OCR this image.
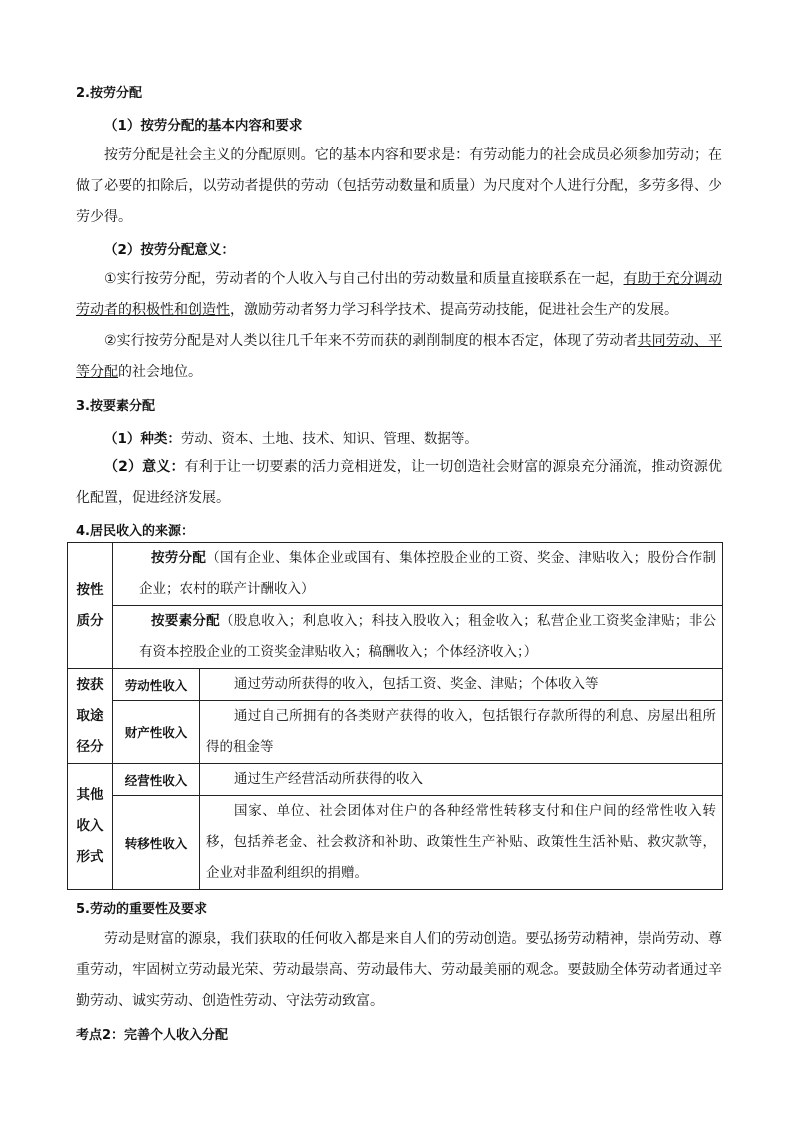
2.按劳分配
（1）按劳分配的基本内容和要求

按劳分配是社会主义的分配原则。它的基本内容和要求是：有劳动能力的社会成员必须参加劳动；在做了必要的扣除后，以劳动者提供的劳动（包括劳动数量和质量）为尺度对个人进行分配，多劳多得、少劳少得。

（2）按劳分配意义：

①实行按劳分配，劳动者的个人收入与自己付出的劳动数量和质量直接联系在一起，有助于充分调动劳动者的积极性和创造性，激励劳动者努力学习科学技术、提高劳动技能，促进社会生产的发展。

②实行按劳分配是对人类以往几千年来不劳而获的剥削制度的根本否定，体现了劳动者共同劳动、平等分配的社会地位。

3.按要素分配
（1）种类：劳动、资本、土地、技术、知识、管理、数据等。

（2）意义：有利于让一切要素的活力竞相迸发，让一切创造社会财富的源泉充分涌流，推动资源优化配置，促进经济发展。

4.居民收入的来源：
按性质分	按劳分配（国有企业、集体企业或国有、集体控股企业的工资、奖金、津贴收入；股份合作制企业；农村的联产计酬收入）	
	按要素分配（股息收入；利息收入；科技入股收入；租金收入；私营企业工资奖金津贴；非公有资本控股企业的工资奖金津贴收入；稿酬收入；个体经济收入；）	

按获取途径分	劳动性收入	通过劳动所获得的收入，包括工资、奖金、津贴；个体收入等
	财产性收入	通过自己所拥有的各类财产获得的收入，包括银行存款所得的利息、房屋出租所得的租金等

其他收入形式	经营性收入	通过生产经营活动所获得的收入
	转移性收入	国家、单位、社会团体对住户的各种经常性转移支付和住户间的经常性收入转移，包括养老金、社会救济和补助、政策性生产补贴、政策性生活补贴、救灾款等，企业对非盈利组织的捐赠。
5.劳动的重要性及要求

劳动是财富的源泉，我们获取的任何收入都是来自人们的劳动创造。要弘扬劳动精神，崇尚劳动、尊重劳动，牢固树立劳动最光荣、劳动最崇高、劳动最伟大、劳动最美丽的观念。要鼓励全体劳动者通过辛勤劳动、诚实劳动、创造性劳动、守法劳动致富。

考点2：完善个人收入分配
